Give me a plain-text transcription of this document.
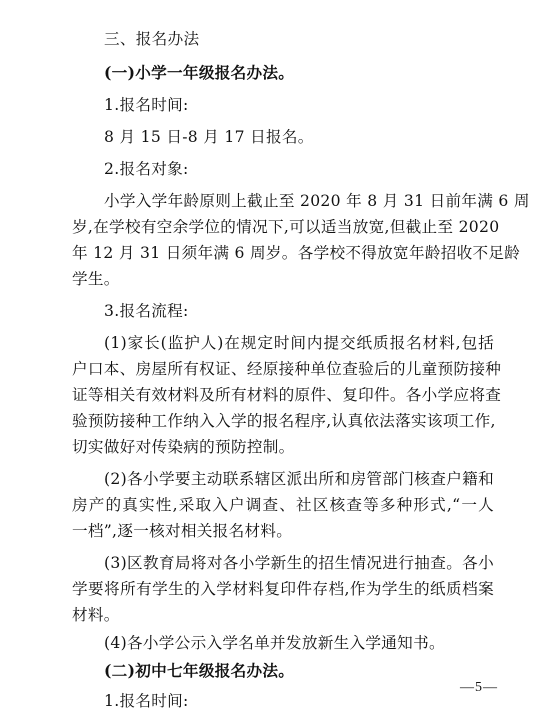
三、报名办法
(一)小学一年级报名办法。
1.报名时间:
8 月 15 日-8 月 17 日报名。
2.报名对象:
小学入学年龄原则上截止至 2020 年 8 月 31 日前年满 6 周
岁,在学校有空余学位的情况下,可以适当放宽,但截止至 2020
年 12 月 31 日须年满 6 周岁。各学校不得放宽年龄招收不足龄
学生。
3.报名流程:
(1)家长(监护人)在规定时间内提交纸质报名材料,包括
户口本、房屋所有权证、经原接种单位查验后的儿童预防接种
证等相关有效材料及所有材料的原件、复印件。各小学应将查
验预防接种工作纳入入学的报名程序,认真依法落实该项工作,
切实做好对传染病的预防控制。
(2)各小学要主动联系辖区派出所和房管部门核查户籍和
房产的真实性,采取入户调查、社区核查等多种形式,“一人
一档”,逐一核对相关报名材料。
(3)区教育局将对各小学新生的招生情况进行抽查。各小
学要将所有学生的入学材料复印件存档,作为学生的纸质档案
材料。
(4)各小学公示入学名单并发放新生入学通知书。
(二)初中七年级报名办法。
1.报名时间:
—5—
